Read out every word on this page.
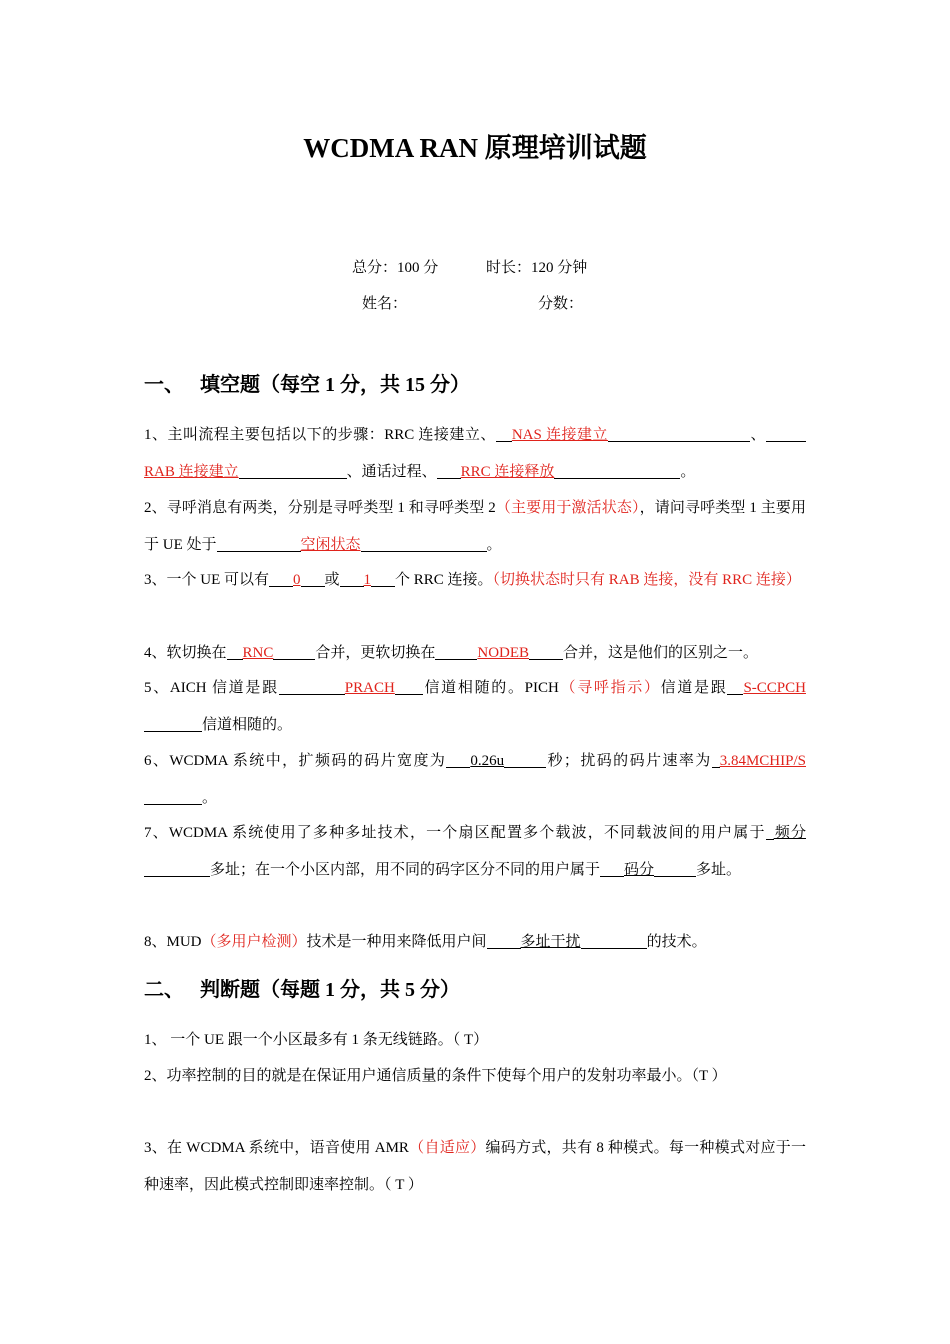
WCDMA RAN 原理培训试题
总分：100 分	时长：120 分钟
姓名：	分数：
一、 填空题（每空 1 分，共 15 分）
1、主叫流程主要包括以下的步骤：RRC 连接建立、 NAS 连接建立	、RAB 连接建立	、通话过程、 RRC 连接释放	。
2、寻呼消息有两类，分别是寻呼类型 1 和寻呼类型 2（主要用于激活状态），请问寻呼类型 1 主要用于 UE 处于	空闲状态	。
3、一个 UE 可以有 0 或 1 个 RRC 连接。（切换状态时只有 RAB 连接，没有 RRC 连接）
4、软切换在 RNC	合并，更软切换在	NODEB 合并，这是他们的区别之一。
5、AICH 信道是跟	PRACH 信道相随的。PICH（寻呼指示）信道是跟 S-CCPCH信道相随的。
6、WCDMA 系统中，扩频码的码片宽度为 0.26u	秒；扰码的码片速率为 3.84MCHIP/S。
7、WCDMA 系统使用了多种多址技术，一个扇区配置多个载波，不同载波间的用户属于 频分多址；在一个小区内部，用不同的码字区分不同的用户属于 码分	多址。
8、MUD（多用户检测）技术是一种用来降低用户间 多址干扰	的技术。
二、 判断题（每题 1 分，共 5 分）
1、 一个 UE 跟一个小区最多有 1 条无线链路。（ T）
2、功率控制的目的就是在保证用户通信质量的条件下使每个用户的发射功率最小。（T ）
3、在 WCDMA 系统中，语音使用 AMR（自适应）编码方式，共有 8 种模式。每一种模式对应于一种速率，因此模式控制即速率控制。（ T ）
